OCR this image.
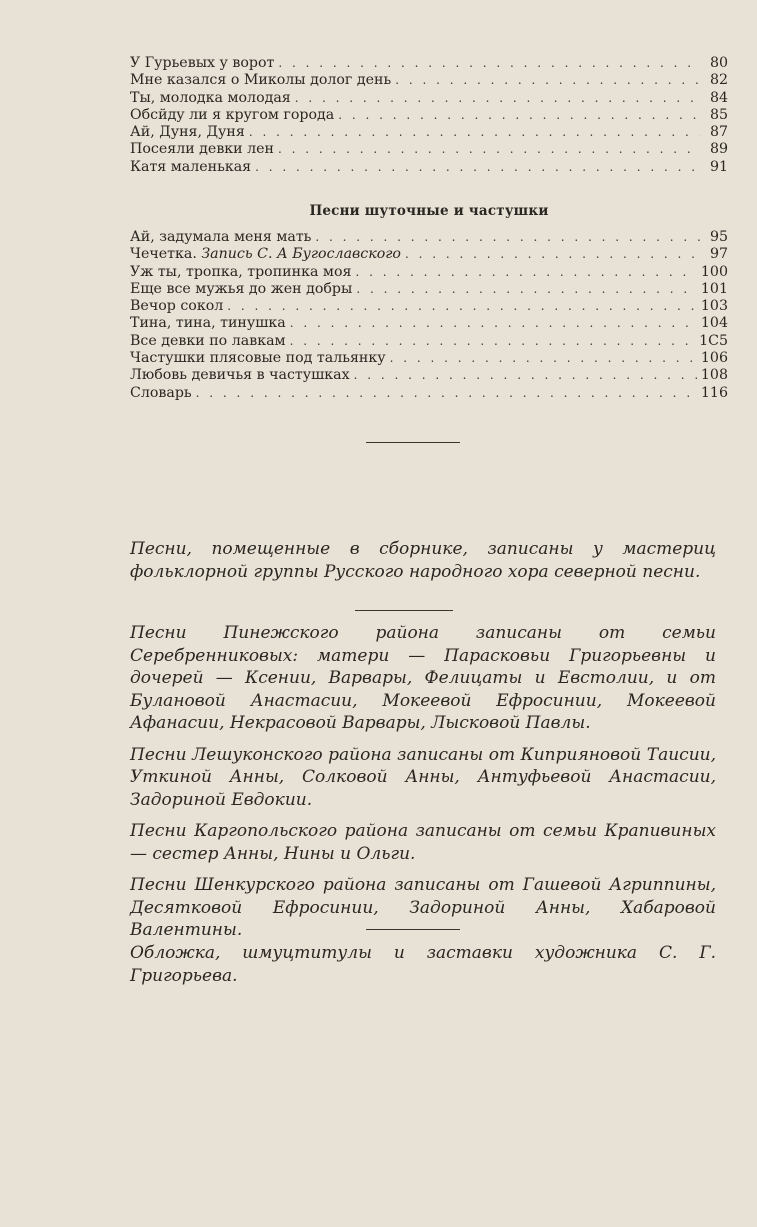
У Гурьевых у ворот . . .	80
Мне казался о Миколы долог день . . .	82
Ты, молодка молодая . . .	84
Обсйду ли я кругом города . . .	85
Ай, Дуня, Дуня . . .	87
Посеяли девки лен . . .	89
Катя маленькая . . .	91
Песни шуточные и частушки
Ай, задумала меня мать . . .	95
Чечетка. Запись С. А Бугославского . . .	97
Уж ты, тропка, тропинка моя . . .	100
Еще все мужья до жен добры . . .	101
Вечор сокол . . .	103
Тина, тина, тинушка . . .	104
Все девки по лавкам . . .	1С5
Частушки плясовые под тальянку . . .	106
Любовь девичья в частушках . . .	108
Словарь . . .	116

Песни, помещенные в сборнике, записаны у мастериц фольклорной группы Русского народного хора северной песни.

Песни Пинежского района записаны от семьи Серебренниковых: матери — Парасковьи Григорьевны и дочерей — Ксении, Варвары, Фелицаты и Евстолии, и от Булановой Анастасии, Мокеевой Ефросинии, Мокеевой Афанасии, Некрасовой Варвары, Лысковой Павлы.

Песни Лешуконского района записаны от Киприяновой Таисии, Уткиной Анны, Солковой Анны, Антуфьевой Анастасии, Задориной Евдокии.

Песни Каргопольского района записаны от семьи Крапивиных — сестер Анны, Нины и Ольги.

Песни Шенкурского района записаны от Гашевой Агриппины, Десятковой Ефросинии, Задориной Анны, Хабаровой Валентины.

Обложка, шмуцтитулы и заставки художника С. Г. Григорьева.
